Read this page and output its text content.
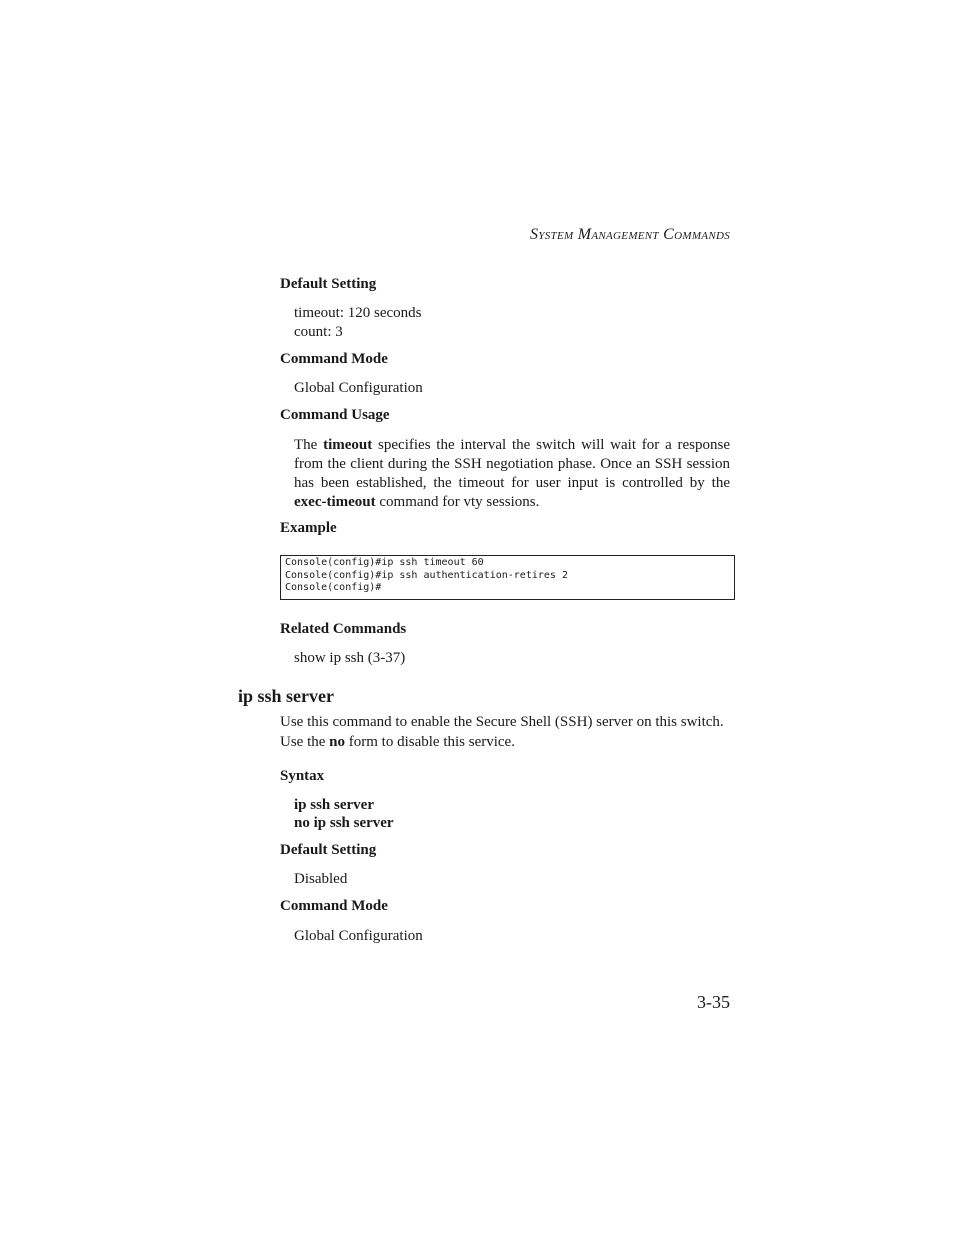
System Management Commands
Default Setting
timeout: 120 seconds
count: 3
Command Mode
Global Configuration
Command Usage
The timeout specifies the interval the switch will wait for a response from the client during the SSH negotiation phase. Once an SSH session has been established, the timeout for user input is controlled by the exec-timeout command for vty sessions.
Example
Console(config)#ip ssh timeout 60
Console(config)#ip ssh authentication-retires 2
Console(config)#
Related Commands
show ip ssh (3-37)
ip ssh server
Use this command to enable the Secure Shell (SSH) server on this switch. Use the no form to disable this service.
Syntax
ip ssh server
no ip ssh server
Default Setting
Disabled
Command Mode
Global Configuration
3-35
